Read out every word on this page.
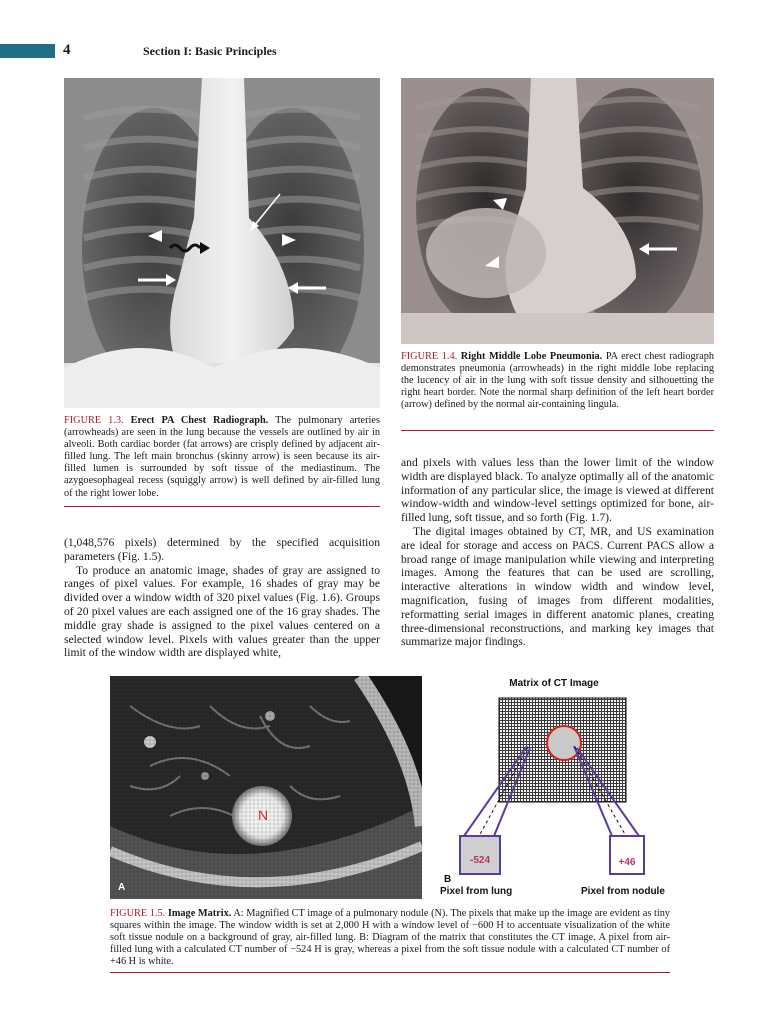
4	Section I: Basic Principles
FIGURE 1.3. Erect PA Chest Radiograph. The pulmonary arteries (arrowheads) are seen in the lung because the vessels are outlined by air in alveoli. Both cardiac border (fat arrows) are crisply defined by adjacent air-filled lung. The left main bronchus (skinny arrow) is seen because its air-filled lumen is surrounded by soft tissue of the mediastinum. The azygoesophageal recess (squiggly arrow) is well defined by air-filled lung of the right lower lobe.
FIGURE 1.4. Right Middle Lobe Pneumonia. PA erect chest radiograph demonstrates pneumonia (arrowheads) in the right middle lobe replacing the lucency of air in the lung with soft tissue density and silhouetting the right heart border. Note the normal sharp definition of the left heart border (arrow) defined by the normal air-containing lingula.

(1,048,576 pixels) determined by the specified acquisition parameters (Fig. 1.5).

To produce an anatomic image, shades of gray are assigned to ranges of pixel values. For example, 16 shades of gray may be divided over a window width of 320 pixel values (Fig. 1.6). Groups of 20 pixel values are each assigned one of the 16 gray shades. The middle gray shade is assigned to the pixel values centered on a selected window level. Pixels with values greater than the upper limit of the window width are displayed white,

and pixels with values less than the lower limit of the window width are displayed black. To analyze optimally all of the anatomic information of any particular slice, the image is viewed at different window-width and window-level settings optimized for bone, air-filled lung, soft tissue, and so forth (Fig. 1.7).

The digital images obtained by CT, MR, and US examination are ideal for storage and access on PACS. Current PACS allow a broad range of image manipulation while viewing and interpreting images. Among the features that can be used are scrolling, interactive alterations in window width and window level, magnification, fusing of images from different modalities, reformatting serial images in different anatomic planes, creating three-dimensional reconstructions, and marking key images that summarize major findings.

N
A
Matrix of CT Image
-524	+46
B
Pixel from lung	Pixel from nodule
FIGURE 1.5. Image Matrix. A: Magnified CT image of a pulmonary nodule (N). The pixels that make up the image are evident as tiny squares within the image. The window width is set at 2,000 H with a window level of −600 H to accentuate visualization of the white soft tissue nodule on a background of gray, air-filled lung. B: Diagram of the matrix that constitutes the CT image. A pixel from air-filled lung with a calculated CT number of −524 H is gray, whereas a pixel from the soft tissue nodule with a calculated CT number of +46 H is white.
